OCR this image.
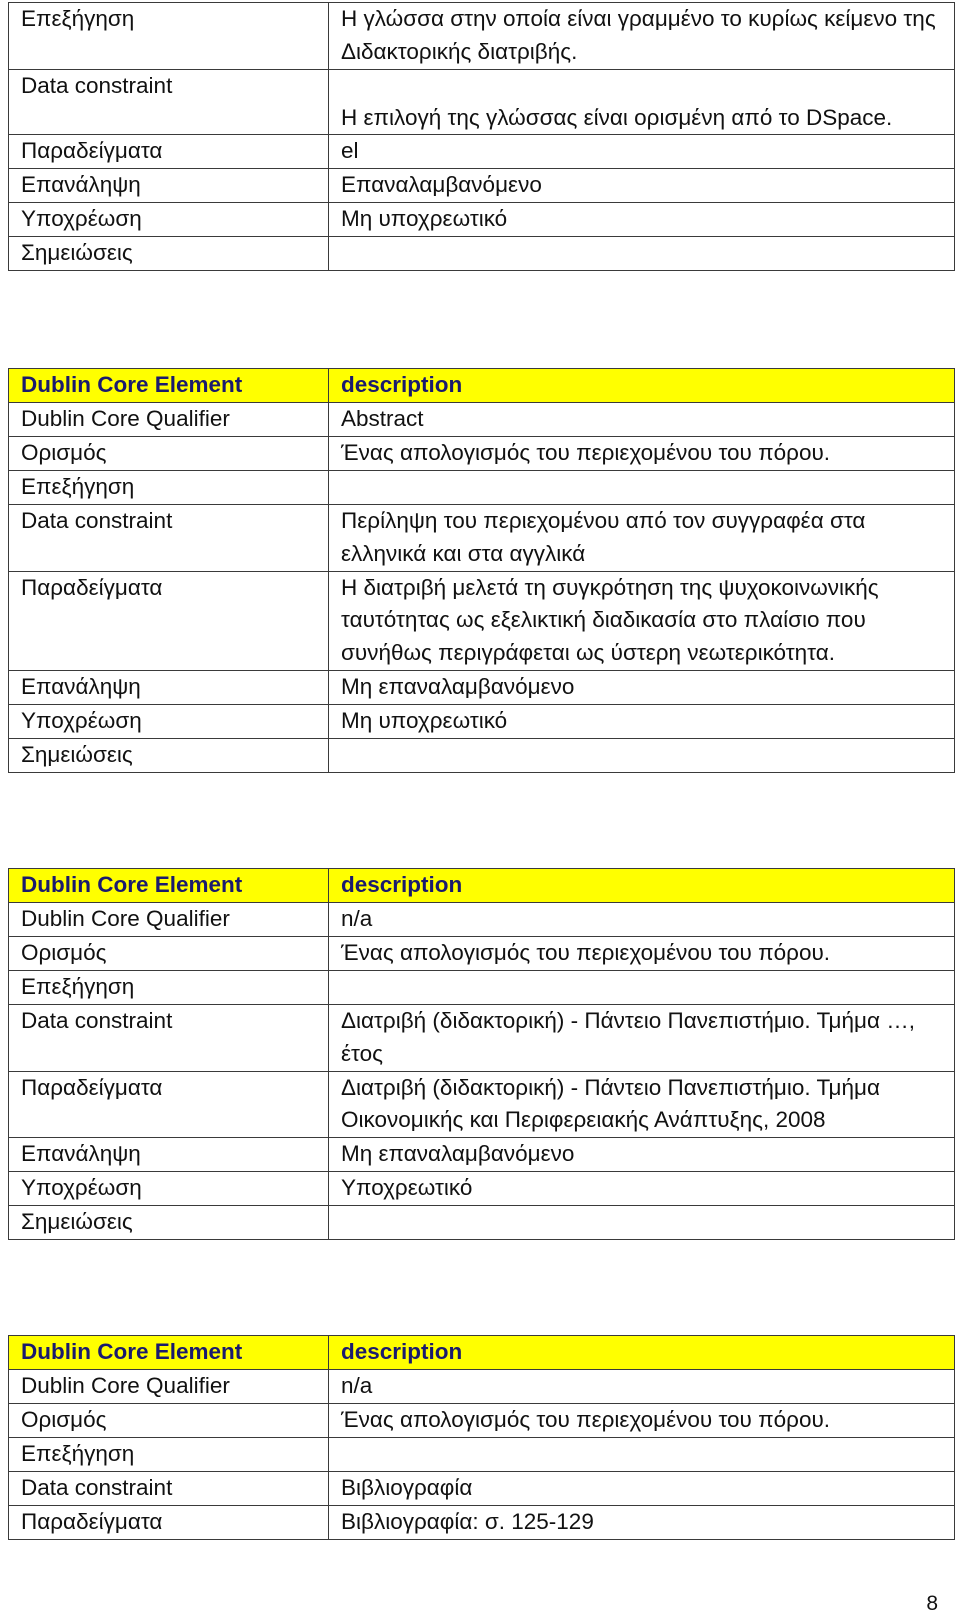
Επεξήγηση	Η γλώσσα στην οποία είναι γραμμένο το κυρίως κείμενο της Διδακτορικής διατριβής.
Data constraint	Η επιλογή της γλώσσας είναι ορισμένη από το DSpace.
Παραδείγματα	el
Επανάληψη	Επαναλαμβανόμενο
Υποχρέωση	Μη υποχρεωτικό
Σημειώσεις	
Dublin Core Element	description
Dublin Core Qualifier	Abstract
Ορισμός	Ένας απολογισμός του περιεχομένου του πόρου.
Επεξήγηση	
Data constraint	Περίληψη του περιεχομένου από τον συγγραφέα στα ελληνικά και στα αγγλικά
Παραδείγματα	Η διατριβή μελετά τη συγκρότηση της ψυχοκοινωνικής ταυτότητας ως εξελικτική διαδικασία στο πλαίσιο που συνήθως περιγράφεται ως ύστερη νεωτερικότητα.
Επανάληψη	Μη επαναλαμβανόμενο
Υποχρέωση	Μη υποχρεωτικό
Σημειώσεις	
Dublin Core Element	description
Dublin Core Qualifier	n/a
Ορισμός	Ένας απολογισμός του περιεχομένου του πόρου.
Επεξήγηση	
Data constraint	Διατριβή (διδακτορική) - Πάντειο Πανεπιστήμιο. Τμήμα …, έτος
Παραδείγματα	Διατριβή (διδακτορική) - Πάντειο Πανεπιστήμιο. Τμήμα Οικονομικής και Περιφερειακής Ανάπτυξης, 2008
Επανάληψη	Μη επαναλαμβανόμενο
Υποχρέωση	Υποχρεωτικό
Σημειώσεις	
Dublin Core Element	description
Dublin Core Qualifier	n/a
Ορισμός	Ένας απολογισμός του περιεχομένου του πόρου.
Επεξήγηση	
Data constraint	Βιβλιογραφία
Παραδείγματα	Βιβλιογραφία: σ. 125-129
8
